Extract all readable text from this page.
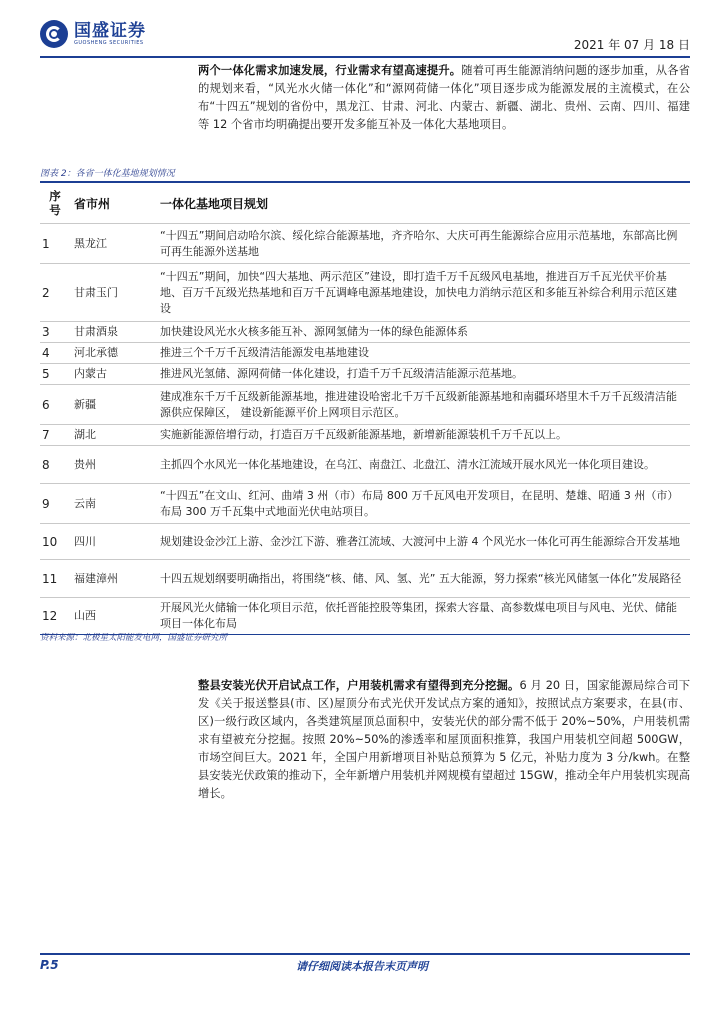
国盛证券
GUOSHENG SECURITIES	2021 年 07 月 18 日
两个一体化需求加速发展，行业需求有望高速提升。随着可再生能源消纳问题的逐步加重，从各省的规划来看，“风光水火储一体化”和“源网荷储一体化”项目逐步成为能源发展的主流模式，在公布“十四五”规划的省份中，黑龙江、甘肃、河北、内蒙古、新疆、湖北、贵州、云南、四川、福建等 12 个省市均明确提出要开发多能互补及一体化大基地项目。
图表 2：各省一体化基地规划情况
序号	省市州	一体化基地项目规划
1	黑龙江	“十四五”期间启动哈尔滨、绥化综合能源基地，齐齐哈尔、大庆可再生能源综合应用示范基地，东部高比例可再生能源外送基地
2	甘肃玉门	“十四五”期间，加快“四大基地、两示范区”建设，即打造千万千瓦级风电基地，推进百万千瓦光伏平价基地、百万千瓦级光热基地和百万千瓦调峰电源基地建设，加快电力消纳示范区和多能互补综合利用示范区建设
3	甘肃酒泉	加快建设风光水火核多能互补、源网氢储为一体的绿色能源体系
4	河北承德	推进三个千万千瓦级清洁能源发电基地建设
5	内蒙古	推进风光氢储、源网荷储一体化建设，打造千万千瓦级清洁能源示范基地。
6	新疆	建成准东千万千瓦级新能源基地，推进建设哈密北千万千瓦级新能源基地和南疆环塔里木千万千瓦级清洁能源供应保障区， 建设新能源平价上网项目示范区。
7	湖北	实施新能源倍增行动，打造百万千瓦级新能源基地，新增新能源装机千万千瓦以上。
8	贵州	主抓四个水风光一体化基地建设，在乌江、南盘江、北盘江、清水江流域开展水风光一体化项目建设。
9	云南	“十四五”在文山、红河、曲靖 3 州（市）布局 800 万千瓦风电开发项目，在昆明、楚雄、昭通 3 州（市）布局 300 万千瓦集中式地面光伏电站项目。
10	四川	规划建设金沙江上游、金沙江下游、雅砻江流域、大渡河中上游 4 个风光水一体化可再生能源综合开发基地
11	福建漳州	十四五规划纲要明确指出，将围绕“核、储、风、氢、光” 五大能源，努力探索“核光风储氢一体化”发展路径
12	山西	开展风光火储输一体化项目示范，依托晋能控股等集团，探索大容量、高参数煤电项目与风电、光伏、储能项目一体化布局
资料来源：北极星太阳能发电网，国盛证券研究所
整县安装光伏开启试点工作，户用装机需求有望得到充分挖掘。6 月 20 日，国家能源局综合司下发《关于报送整县(市、区)屋顶分布式光伏开发试点方案的通知》，按照试点方案要求，在县(市、区)一级行政区域内，各类建筑屋顶总面积中，安装光伏的部分需不低于 20%~50%，户用装机需求有望被充分挖掘。按照 20%~50%的渗透率和屋顶面积推算，我国户用装机空间超 500GW，市场空间巨大。2021 年，全国户用新增项目补贴总预算为 5 亿元，补贴力度为 3 分/kwh。在整县安装光伏政策的推动下，全年新增户用装机并网规模有望超过 15GW，推动全年户用装机实现高增长。
请仔细阅读本报告末页声明
P.5
